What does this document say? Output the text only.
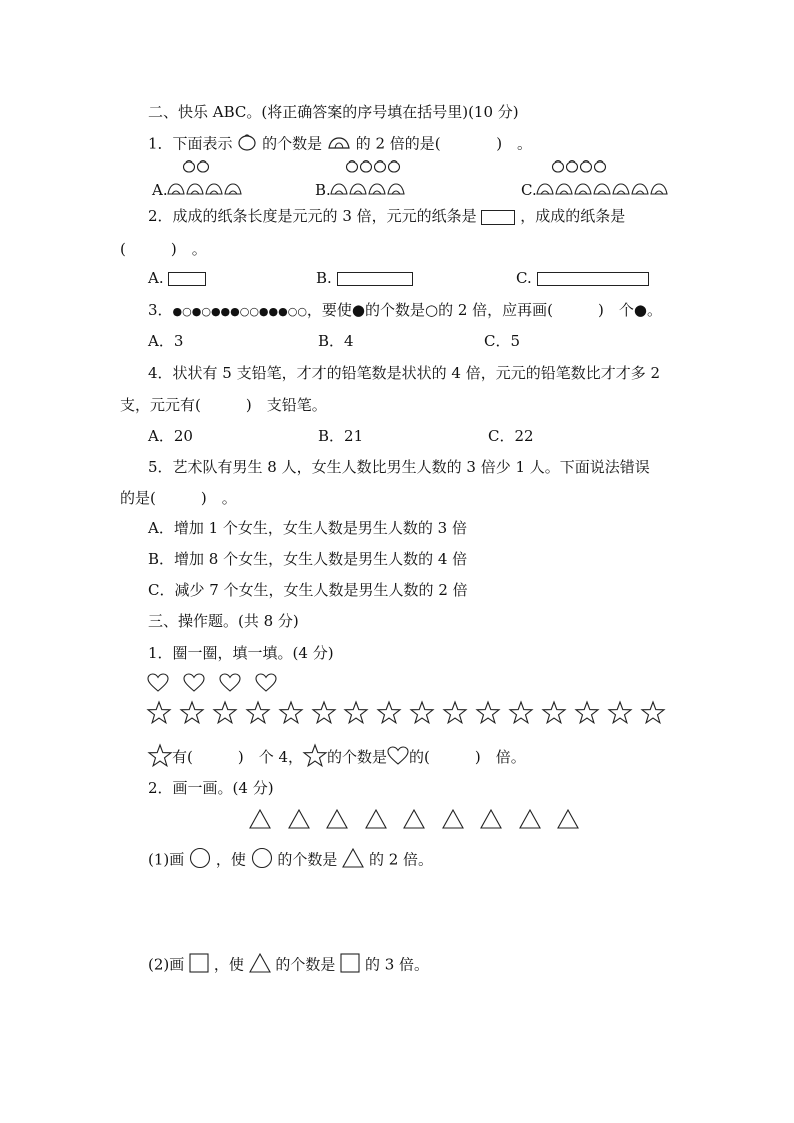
二、快乐 ABC。(将正确答案的序号填在括号里)(10 分)
1．下面表示 的个数是 的 2 倍的是(	)　。
A.	B.	C.
2．成成的纸条长度是元元的 3 倍，元元的纸条是	，成成的纸条是
(　　　)　。
A.	B.	C.
3．●○●○●●●○○●●●○○，要使●的个数是○的 2 倍，应再画(　　　)　个●。
A．3	B．4	C．5
4．状状有 5 支铅笔，才才的铅笔数是状状的 4 倍，元元的铅笔数比才才多 2
支，元元有(　　　)　支铅笔。
A．20	B．21	C．22
5．艺术队有男生 8 人，女生人数比男生人数的 3 倍少 1 人。下面说法错误
的是(　　　)　。
A．增加 1 个女生，女生人数是男生人数的 3 倍
B．增加 8 个女生，女生人数是男生人数的 4 倍
C．减少 7 个女生，女生人数是男生人数的 2 倍
三、操作题。(共 8 分)
1．圈一圈，填一填。(4 分)
有(　　　)　个 4， 的个数是 的(　　　)　倍。
2．画一画。(4 分)
(1)画 ，使 的个数是 的 2 倍。
(2)画 ，使 的个数是 的 3 倍。
